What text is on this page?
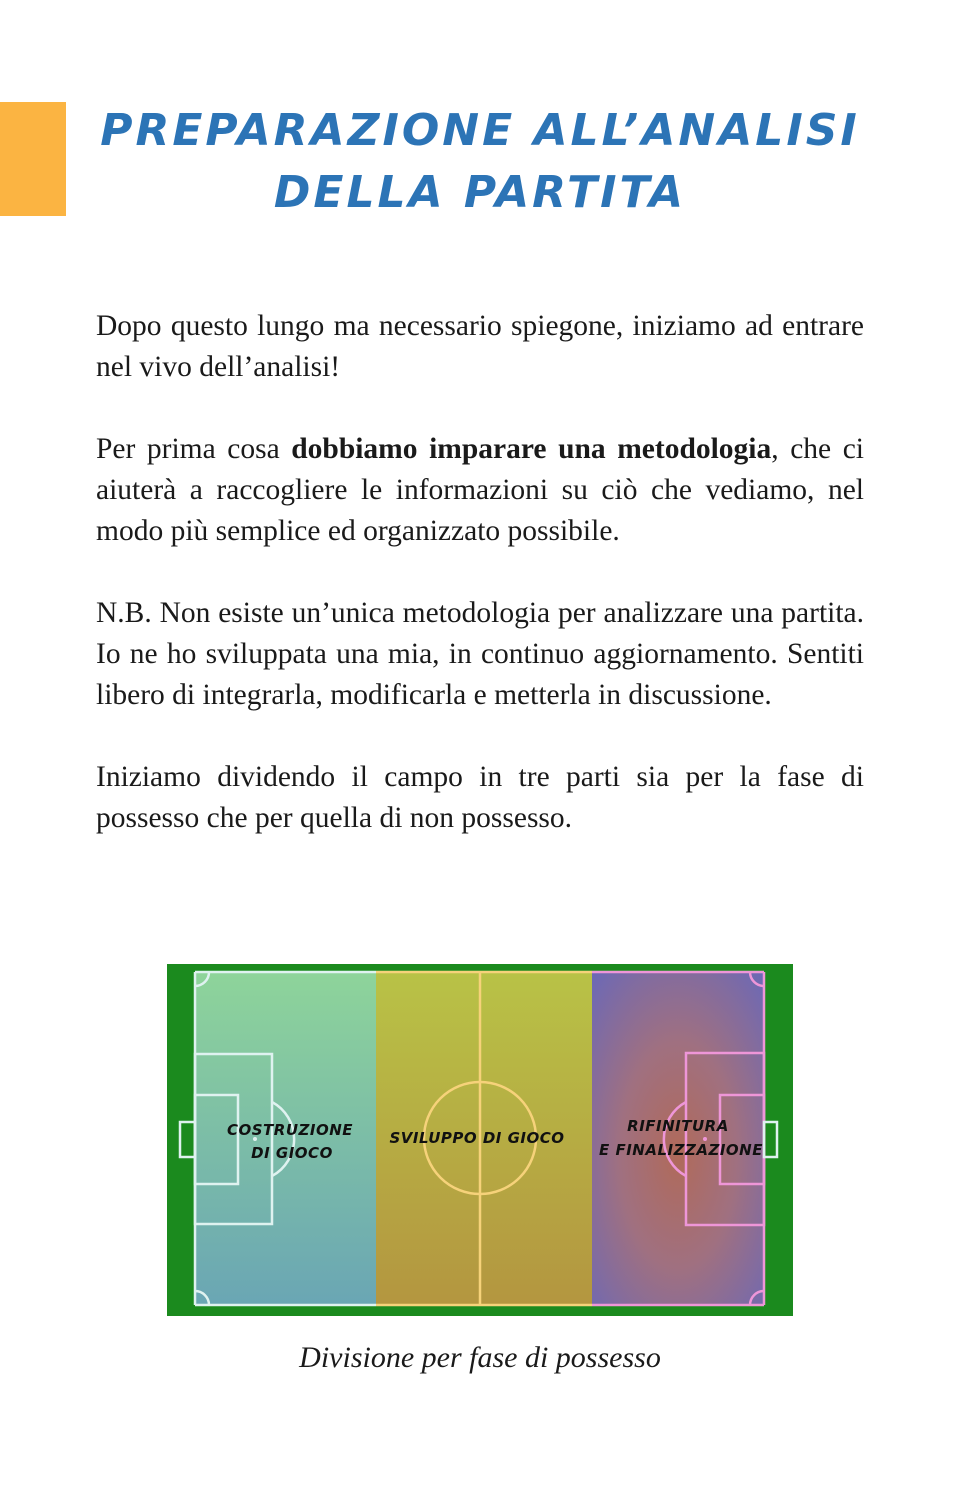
PREPARAZIONE ALL’ANALISI
DELLA PARTITA

Dopo questo lungo ma necessario spiegone, iniziamo ad entrare nel vivo dell’analisi!

Per prima cosa dobbiamo imparare una metodologia, che ci aiuterà a raccogliere le informazioni su ciò che vediamo, nel modo più semplice ed organizzato possibile.

N.B. Non esiste un’unica metodologia per analizzare una partita. Io ne ho sviluppata una mia, in continuo aggiornamento. Sentiti libero di integrarla, modificarla e metterla in discussione.

Iniziamo dividendo il campo in tre parti sia per la fase di possesso che per quella di non possesso.

COSTRUZIONE
DI GIOCO
SVILUPPO DI GIOCO
RIFINITURA
E FINALIZZAZIONE

Divisione per fase di possesso
